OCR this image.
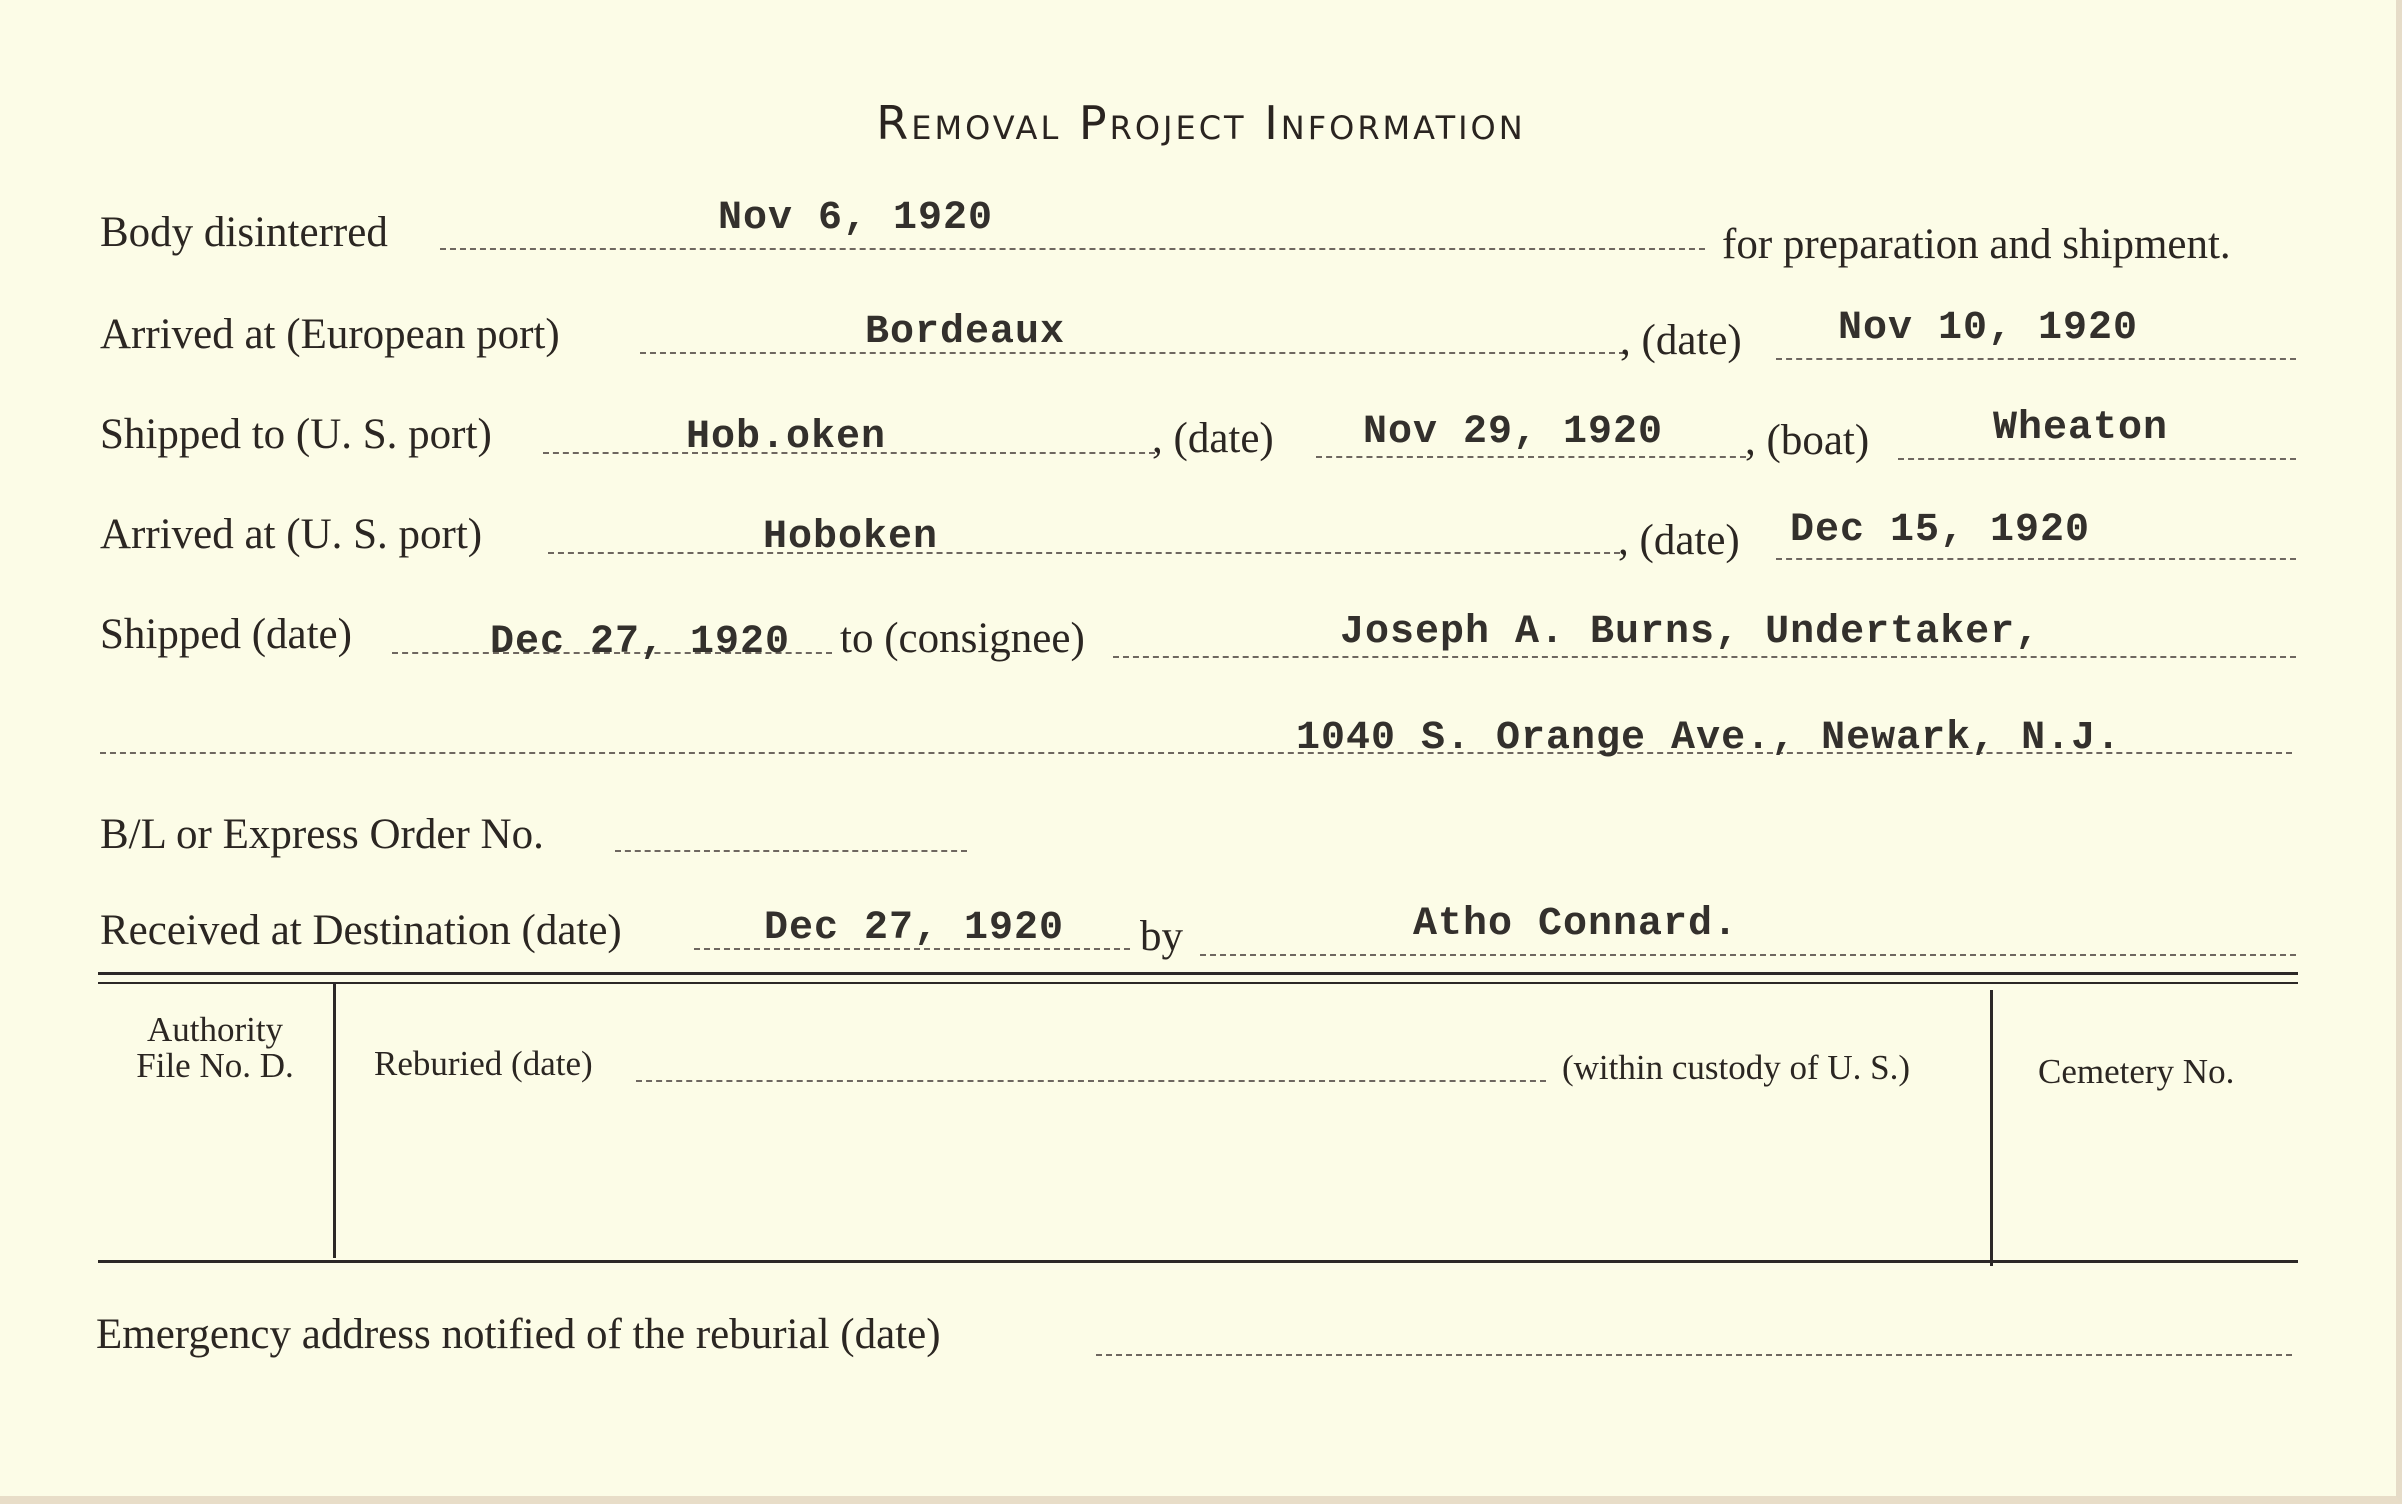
Removal Project Information
Body disinterred	Nov 6, 1920
for preparation and shipment.
Arrived at (European port)	Bordeaux	, (date) Nov 10, 1920
Shipped to (U. S. port)	Hob.oken	, (date) Nov 29, 1920 , (boat)	Wheaton
Arrived at (U. S. port)	Hoboken	, (date) Dec 15, 1920
Shipped (date)	Dec 27, 1920 to (consignee)	Joseph A. Burns, Undertaker,
1040 S. Orange Ave., Newark, N.J.
B/L or Express Order No.
Received at Destination (date)	Dec 27, 1920 by	Atho Connard.
Authority
File No. D.	Reburied (date)	(within custody of U. S.)	Cemetery No.
Emergency address notified of the reburial (date)
